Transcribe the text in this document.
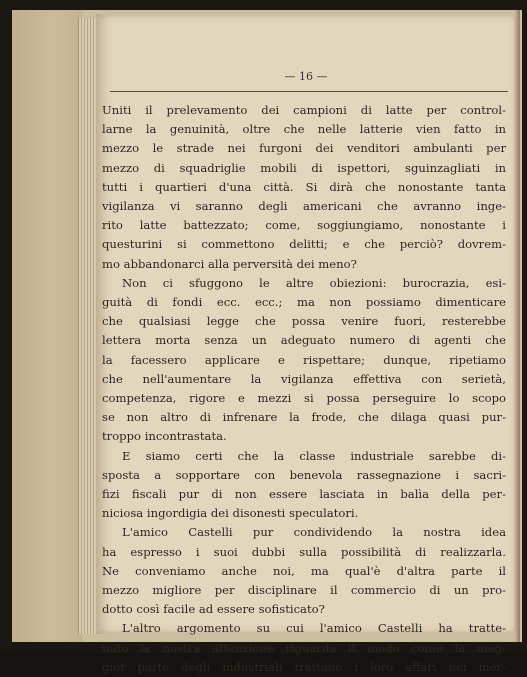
— 16 —
Uniti il prelevamento dei campioni di latte per control-
larne la genuinità, oltre che nelle latterie vien fatto in
mezzo le strade nei furgoni dei venditori ambulanti per
mezzo di squadriglie mobili di ispettori, sguinzagliati in
tutti i quartieri d'una città. Si dirà che nonostante tanta
vigilanza vi saranno degli americani che avranno inge-
rito latte battezzato; come, soggiungiamo, nonostante i
questurini si commettono delitti; e che perciò? dovrem-
mo abbandonarci alla perversità dei meno?
Non ci sfuggono le altre obiezioni: burocrazia, esi-
guità di fondi ecc. ecc.; ma non possiamo dimenticare
che qualsiasi legge che possa venire fuori, resterebbe
lettera morta senza un adeguato numero di agenti che
la facessero applicare e rispettare; dunque, ripetiamo
che nell'aumentare la vigilanza effettiva con serietà,
competenza, rigore e mezzi si possa perseguire lo scopo
se non altro di infrenare la frode, che dilaga quasi pur-
troppo incontrastata.
E siamo certi che la classe industriale sarebbe di-
sposta a sopportare con benevola rassegnazione i sacri-
fizi fiscali pur di non essere lasciata in balìa della per-
niciosa ingordigia dei disonesti speculatori.
L'amico Castelli pur condividendo la nostra idea
ha espresso i suoi dubbi sulla possibilità di realizzarla.
Ne conveniamo anche noi, ma qual'è d'altra parte il
mezzo migliore per disciplinare il commercio di un pro-
dotto così facile ad essere sofisticato?
L'altro argomento su cui l'amico Castelli ha tratte-
nuto la nostra attenzione riguarda il modo come la mag-
gior parte degli industriali trattano i loro affari nei mer-
